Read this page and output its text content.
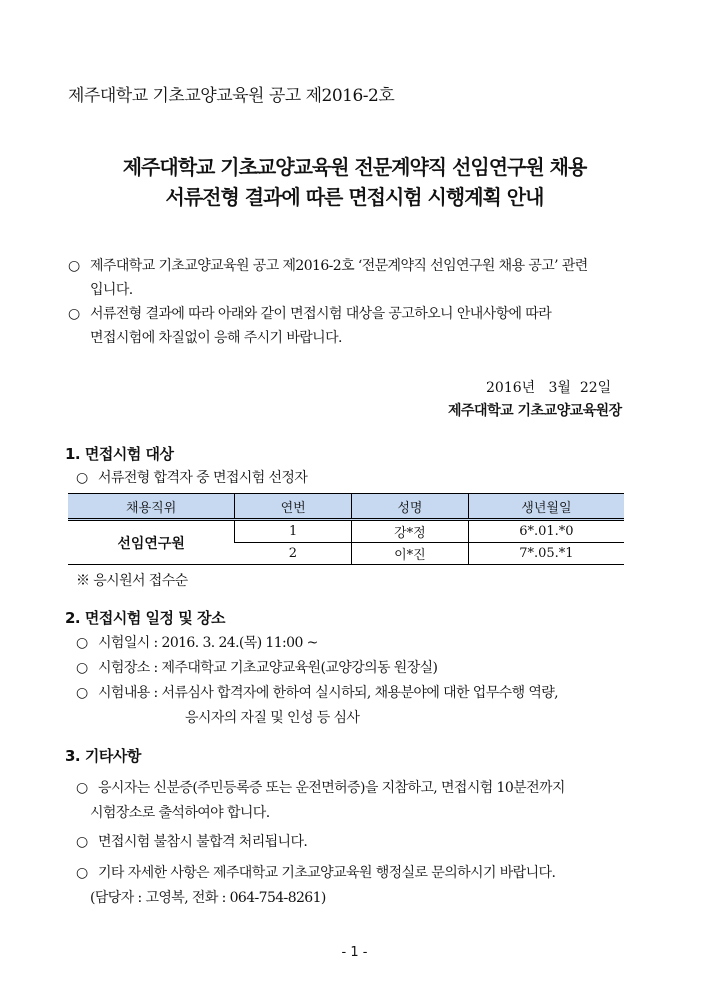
제주대학교 기초교양교육원 공고 제2016-2호
제주대학교 기초교양교육원 전문계약직 선임연구원 채용
서류전형 결과에 따른 면접시험 시행계획 안내
○ 제주대학교 기초교양교육원 공고 제2016-2호 ‘전문계약직 선임연구원 채용 공고’ 관련
입니다.
○ 서류전형 결과에 따라 아래와 같이 면접시험 대상을 공고하오니 안내사항에 따라
면접시험에 차질없이 응해 주시기 바랍니다.
2016년   3월  22일
제주대학교 기초교양교육원장
1. 면접시험 대상
○ 서류전형 합격자 중 면접시험 선정자
채용직위	연번	성명	생년월일
선임연구원	1	강*정	6*.01.*0
	2	이*진	7*.05.*1
※ 응시원서 접수순
2. 면접시험 일정 및 장소
○ 시험일시 : 2016. 3. 24.(목) 11:00 ~
○ 시험장소 : 제주대학교 기초교양교육원(교양강의동 원장실)
○ 시험내용 : 서류심사 합격자에 한하여 실시하되, 채용분야에 대한 업무수행 역량,
응시자의 자질 및 인성 등 심사
3. 기타사항
○ 응시자는 신분증(주민등록증 또는 운전면허증)을 지참하고, 면접시험 10분전까지
시험장소로 출석하여야 합니다.
○ 면접시험 불참시 불합격 처리됩니다.
○ 기타 자세한 사항은 제주대학교 기초교양교육원 행정실로 문의하시기 바랍니다.
(담당자 : 고영복, 전화 : 064-754-8261)
- 1 -
